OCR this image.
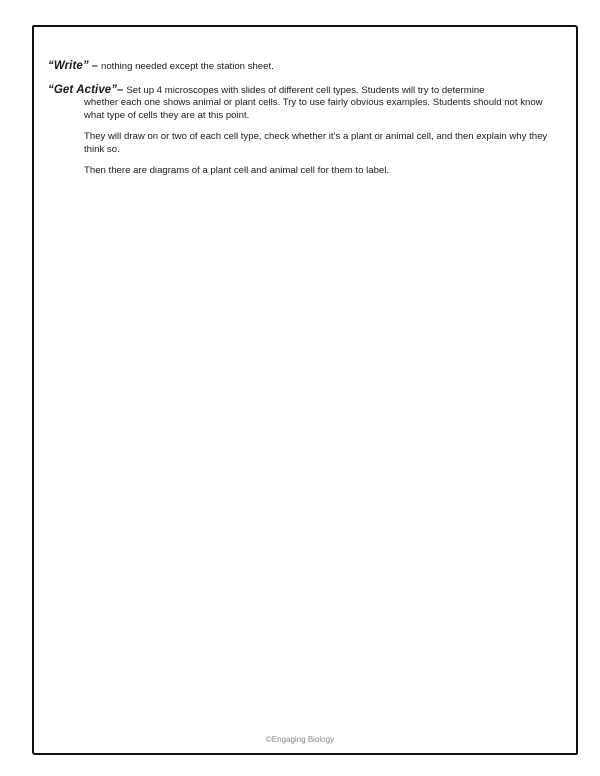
“Write” – nothing needed except the station sheet.
“Get Active”– Set up 4 microscopes with slides of different cell types. Students will try to determine
whether each one shows animal or plant cells. Try to use fairly obvious examples. Students should not know what type of cells they are at this point.
They will draw on or two of each cell type, check whether it’s a plant or animal cell, and then explain why they think so.
Then there are diagrams of a plant cell and animal cell for them to label.
©Engaging Biology
